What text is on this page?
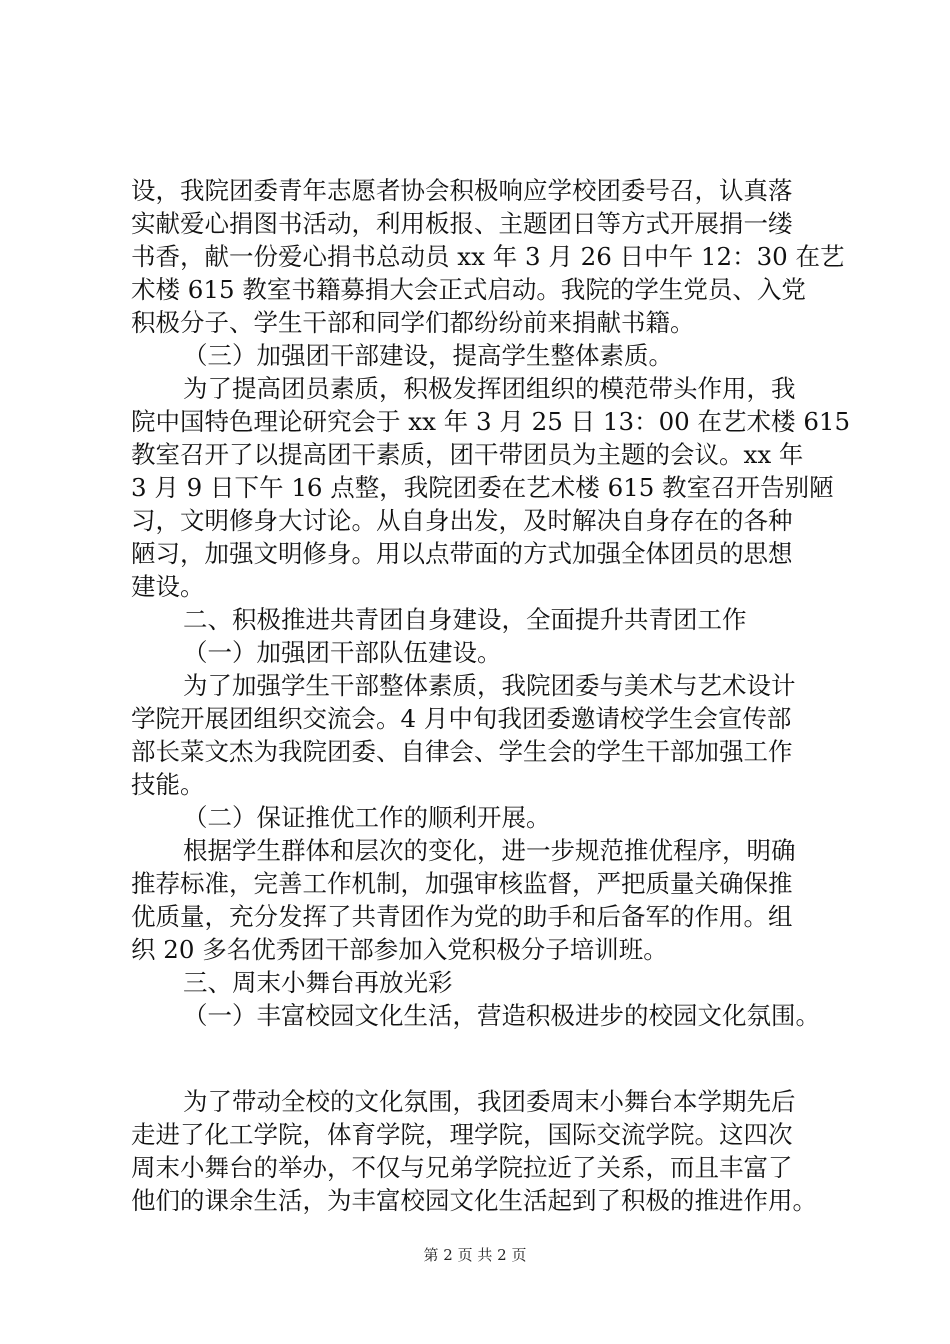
设，我院团委青年志愿者协会积极响应学校团委号召，认真落
实献爱心捐图书活动，利用板报、主题团日等方式开展捐一缕
书香，献一份爱心捐书总动员 xx 年 3 月 26 日中午 12：30 在艺
术楼 615 教室书籍募捐大会正式启动。我院的学生党员、入党
积极分子、学生干部和同学们都纷纷前来捐献书籍。
（三）加强团干部建设，提高学生整体素质。
为了提高团员素质，积极发挥团组织的模范带头作用，我
院中国特色理论研究会于 xx 年 3 月 25 日 13：00 在艺术楼 615
教室召开了以提高团干素质，团干带团员为主题的会议。xx 年
3 月 9 日下午 16 点整，我院团委在艺术楼 615 教室召开告别陋
习，文明修身大讨论。从自身出发，及时解决自身存在的各种
陋习，加强文明修身。用以点带面的方式加强全体团员的思想
建设。
二、积极推进共青团自身建设，全面提升共青团工作
（一）加强团干部队伍建设。
为了加强学生干部整体素质，我院团委与美术与艺术设计
学院开展团组织交流会。4 月中旬我团委邀请校学生会宣传部
部长菜文杰为我院团委、自律会、学生会的学生干部加强工作
技能。
（二）保证推优工作的顺利开展。
根据学生群体和层次的变化，进一步规范推优程序，明确
推荐标准，完善工作机制，加强审核监督，严把质量关确保推
优质量，充分发挥了共青团作为党的助手和后备军的作用。组
织 20 多名优秀团干部参加入党积极分子培训班。
三、周末小舞台再放光彩
（一）丰富校园文化生活，营造积极进步的校园文化氛围。
为了带动全校的文化氛围，我团委周末小舞台本学期先后
走进了化工学院，体育学院，理学院，国际交流学院。这四次
周末小舞台的举办，不仅与兄弟学院拉近了关系，而且丰富了
他们的课余生活，为丰富校园文化生活起到了积极的推进作用。
第 2 页 共 2 页
